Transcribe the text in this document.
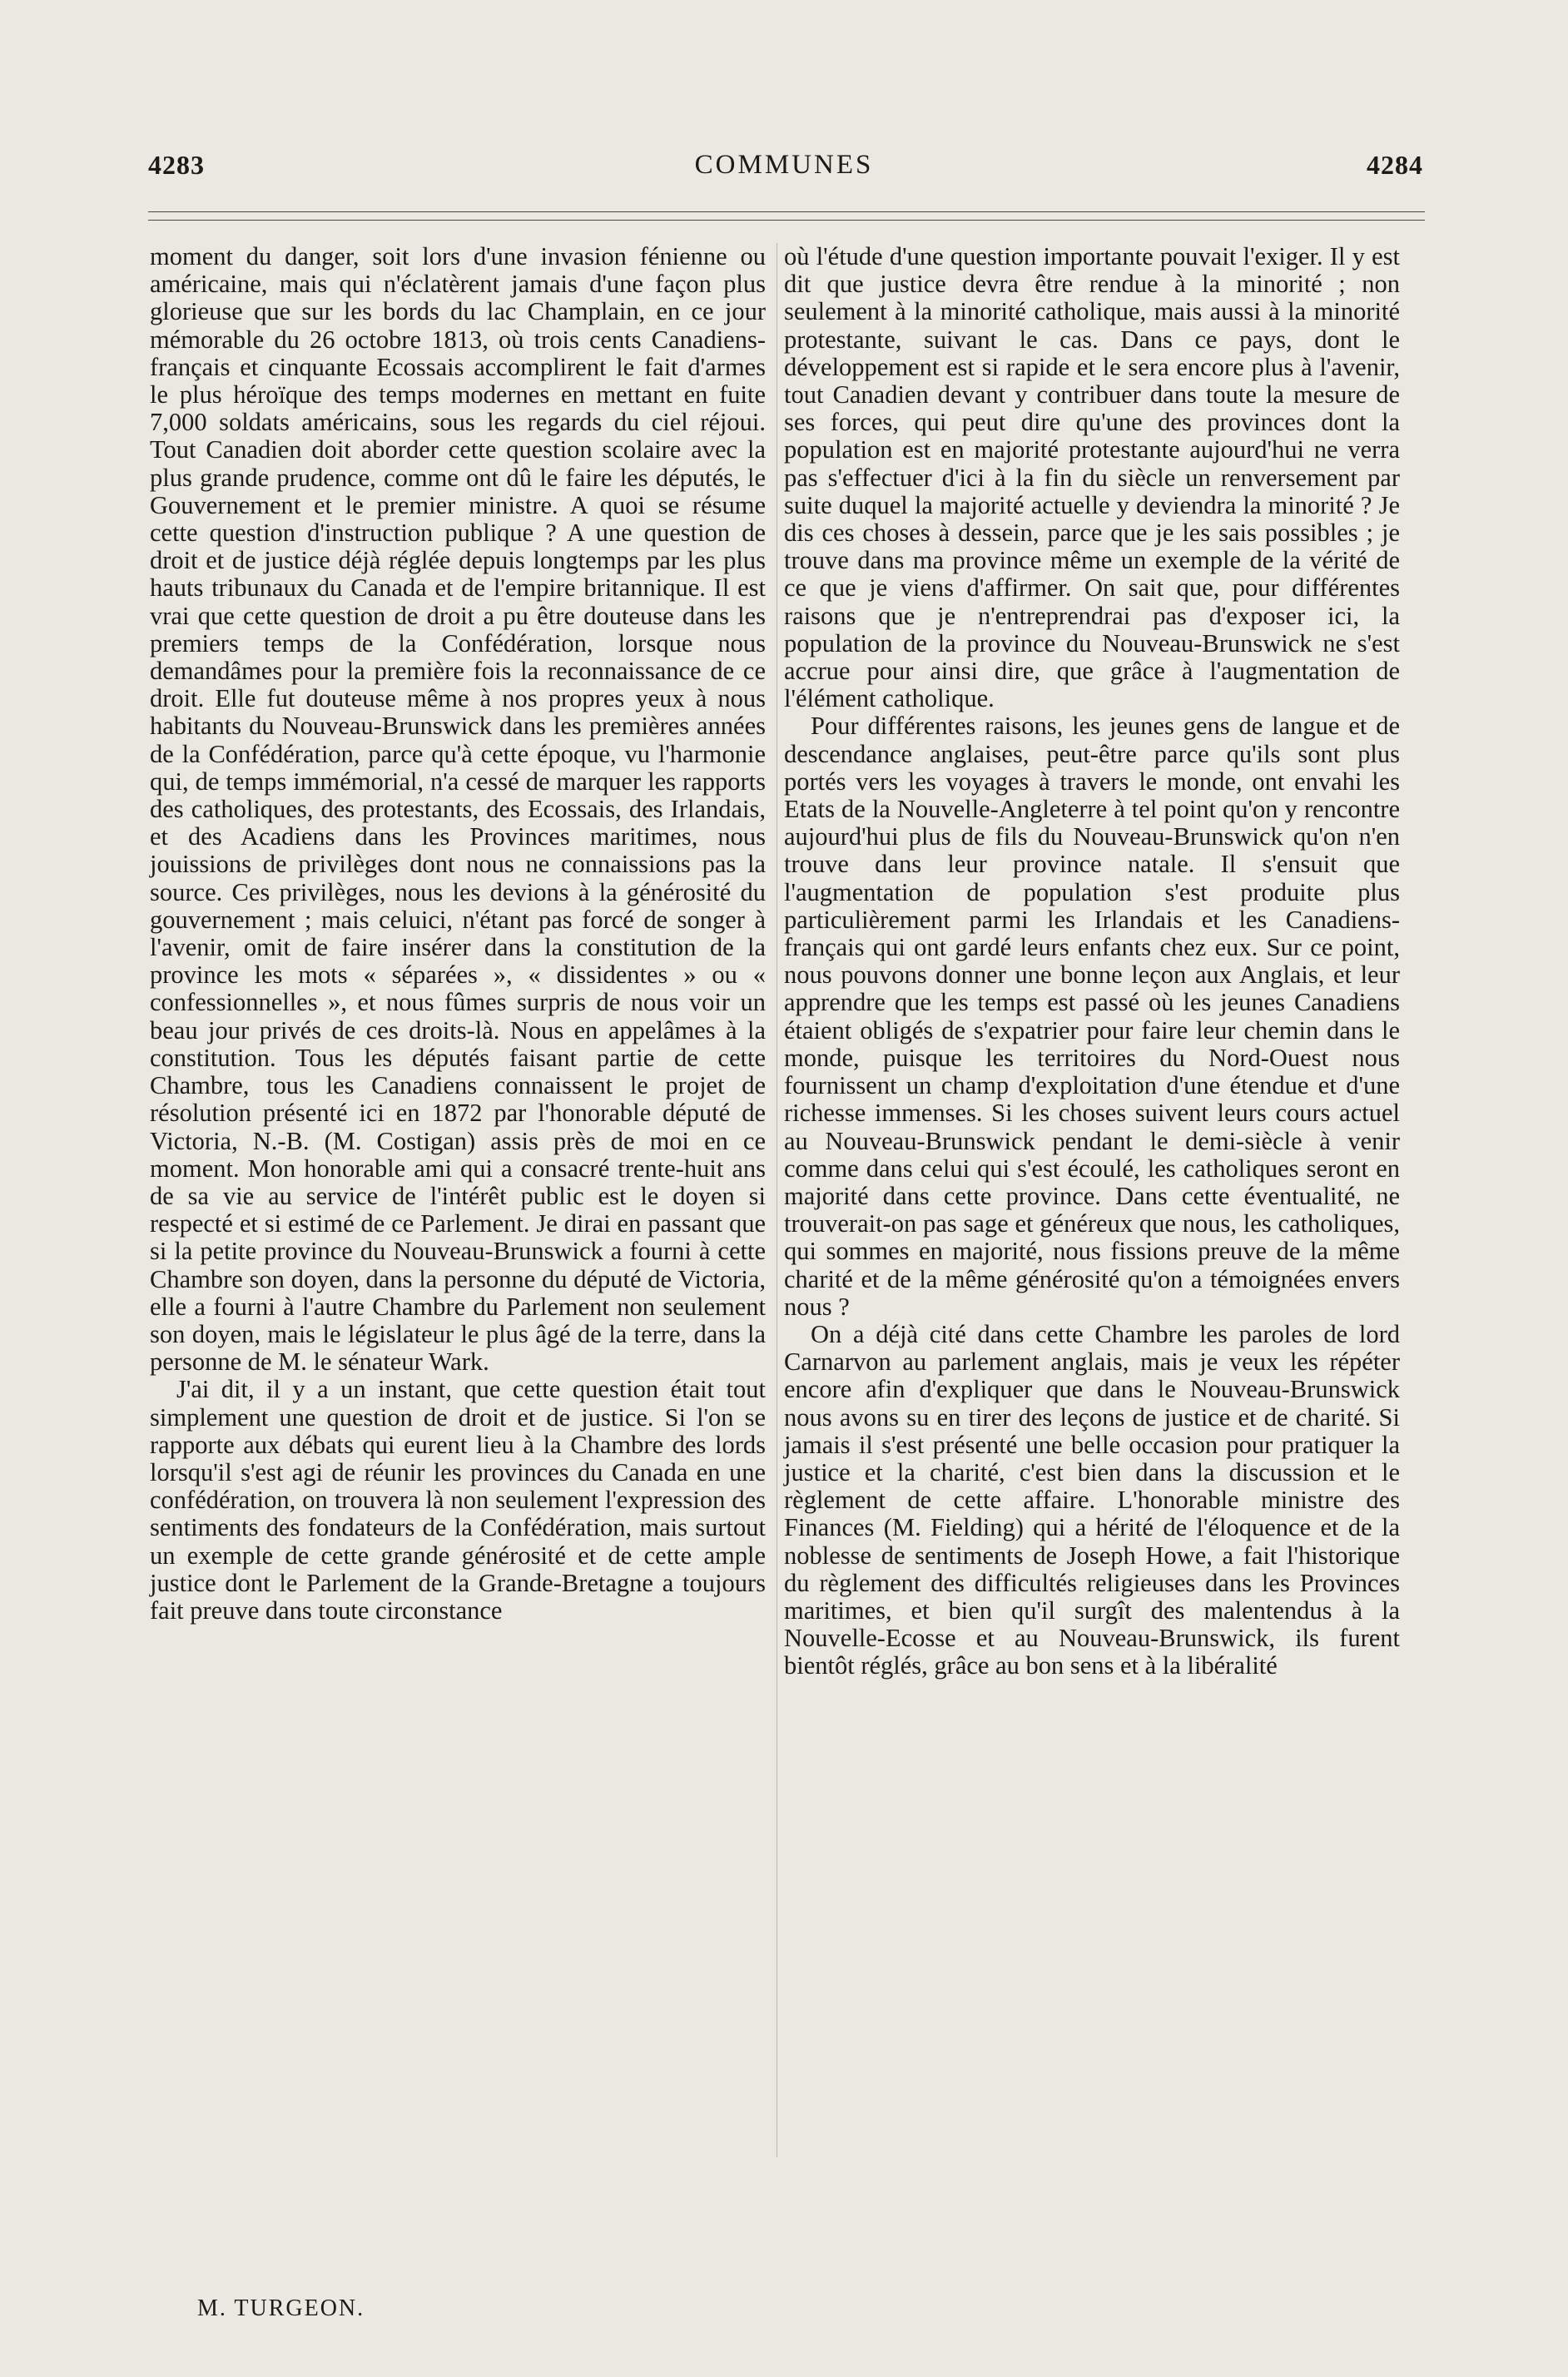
4283	COMMUNES	4284

moment du danger, soit lors d'une invasion fénienne ou américaine, mais qui n'éclatèrent jamais d'une façon plus glorieuse que sur les bords du lac Champlain, en ce jour mémorable du 26 octobre 1813, où trois cents Canadiens-français et cinquante Ecossais accomplirent le fait d'armes le plus héroïque des temps modernes en mettant en fuite 7,000 soldats américains, sous les regards du ciel réjoui. Tout Canadien doit aborder cette question scolaire avec la plus grande prudence, comme ont dû le faire les députés, le Gouvernement et le premier ministre. A quoi se résume cette question d'instruction publique ? A une question de droit et de justice déjà réglée depuis longtemps par les plus hauts tribunaux du Canada et de l'empire britannique. Il est vrai que cette question de droit a pu être douteuse dans les premiers temps de la Confédération, lorsque nous demandâmes pour la première fois la reconnaissance de ce droit. Elle fut douteuse même à nos propres yeux à nous habitants du Nouveau-Brunswick dans les premières années de la Confédération, parce qu'à cette époque, vu l'harmonie qui, de temps immémorial, n'a cessé de marquer les rapports des catholiques, des protestants, des Ecossais, des Irlandais, et des Acadiens dans les Provinces maritimes, nous jouissions de privilèges dont nous ne connaissions pas la source. Ces privilèges, nous les devions à la générosité du gouvernement ; mais celuici, n'étant pas forcé de songer à l'avenir, omit de faire insérer dans la constitution de la province les mots « séparées », « dissidentes » ou « confessionnelles », et nous fûmes surpris de nous voir un beau jour privés de ces droits-là. Nous en appelâmes à la constitution. Tous les députés faisant partie de cette Chambre, tous les Canadiens connaissent le projet de résolution présenté ici en 1872 par l'honorable député de Victoria, N.-B. (M. Costigan) assis près de moi en ce moment. Mon honorable ami qui a consacré trente-huit ans de sa vie au service de l'intérêt public est le doyen si respecté et si estimé de ce Parlement. Je dirai en passant que si la petite province du Nouveau-Brunswick a fourni à cette Chambre son doyen, dans la personne du député de Victoria, elle a fourni à l'autre Chambre du Parlement non seulement son doyen, mais le législateur le plus âgé de la terre, dans la personne de M. le sénateur Wark.

J'ai dit, il y a un instant, que cette question était tout simplement une question de droit et de justice. Si l'on se rapporte aux débats qui eurent lieu à la Chambre des lords lorsqu'il s'est agi de réunir les provinces du Canada en une confédération, on trouvera là non seulement l'expression des sentiments des fondateurs de la Confédération, mais surtout un exemple de cette grande générosité et de cette ample justice dont le Parlement de la Grande-Bretagne a toujours fait preuve dans toute circonstance

où l'étude d'une question importante pouvait l'exiger. Il y est dit que justice devra être rendue à la minorité ; non seulement à la minorité catholique, mais aussi à la minorité protestante, suivant le cas. Dans ce pays, dont le développement est si rapide et le sera encore plus à l'avenir, tout Canadien devant y contribuer dans toute la mesure de ses forces, qui peut dire qu'une des provinces dont la population est en majorité protestante aujourd'hui ne verra pas s'effectuer d'ici à la fin du siècle un renversement par suite duquel la majorité actuelle y deviendra la minorité ? Je dis ces choses à dessein, parce que je les sais possibles ; je trouve dans ma province même un exemple de la vérité de ce que je viens d'affirmer. On sait que, pour différentes raisons que je n'entreprendrai pas d'exposer ici, la population de la province du Nouveau-Brunswick ne s'est accrue pour ainsi dire, que grâce à l'augmentation de l'élément catholique.

Pour différentes raisons, les jeunes gens de langue et de descendance anglaises, peut-être parce qu'ils sont plus portés vers les voyages à travers le monde, ont envahi les Etats de la Nouvelle-Angleterre à tel point qu'on y rencontre aujourd'hui plus de fils du Nouveau-Brunswick qu'on n'en trouve dans leur province natale. Il s'ensuit que l'augmentation de population s'est produite plus particulièrement parmi les Irlandais et les Canadiens-français qui ont gardé leurs enfants chez eux. Sur ce point, nous pouvons donner une bonne leçon aux Anglais, et leur apprendre que les temps est passé où les jeunes Canadiens étaient obligés de s'expatrier pour faire leur chemin dans le monde, puisque les territoires du Nord-Ouest nous fournissent un champ d'exploitation d'une étendue et d'une richesse immenses. Si les choses suivent leurs cours actuel au Nouveau-Brunswick pendant le demi-siècle à venir comme dans celui qui s'est écoulé, les catholiques seront en majorité dans cette province. Dans cette éventualité, ne trouverait-on pas sage et généreux que nous, les catholiques, qui sommes en majorité, nous fissions preuve de la même charité et de la même générosité qu'on a témoignées envers nous ?

On a déjà cité dans cette Chambre les paroles de lord Carnarvon au parlement anglais, mais je veux les répéter encore afin d'expliquer que dans le Nouveau-Brunswick nous avons su en tirer des leçons de justice et de charité. Si jamais il s'est présenté une belle occasion pour pratiquer la justice et la charité, c'est bien dans la discussion et le règlement de cette affaire. L'honorable ministre des Finances (M. Fielding) qui a hérité de l'éloquence et de la noblesse de sentiments de Joseph Howe, a fait l'historique du règlement des difficultés religieuses dans les Provinces maritimes, et bien qu'il surgît des malentendus à la Nouvelle-Ecosse et au Nouveau-Brunswick, ils furent bientôt réglés, grâce au bon sens et à la libéralité

M. TURGEON.
